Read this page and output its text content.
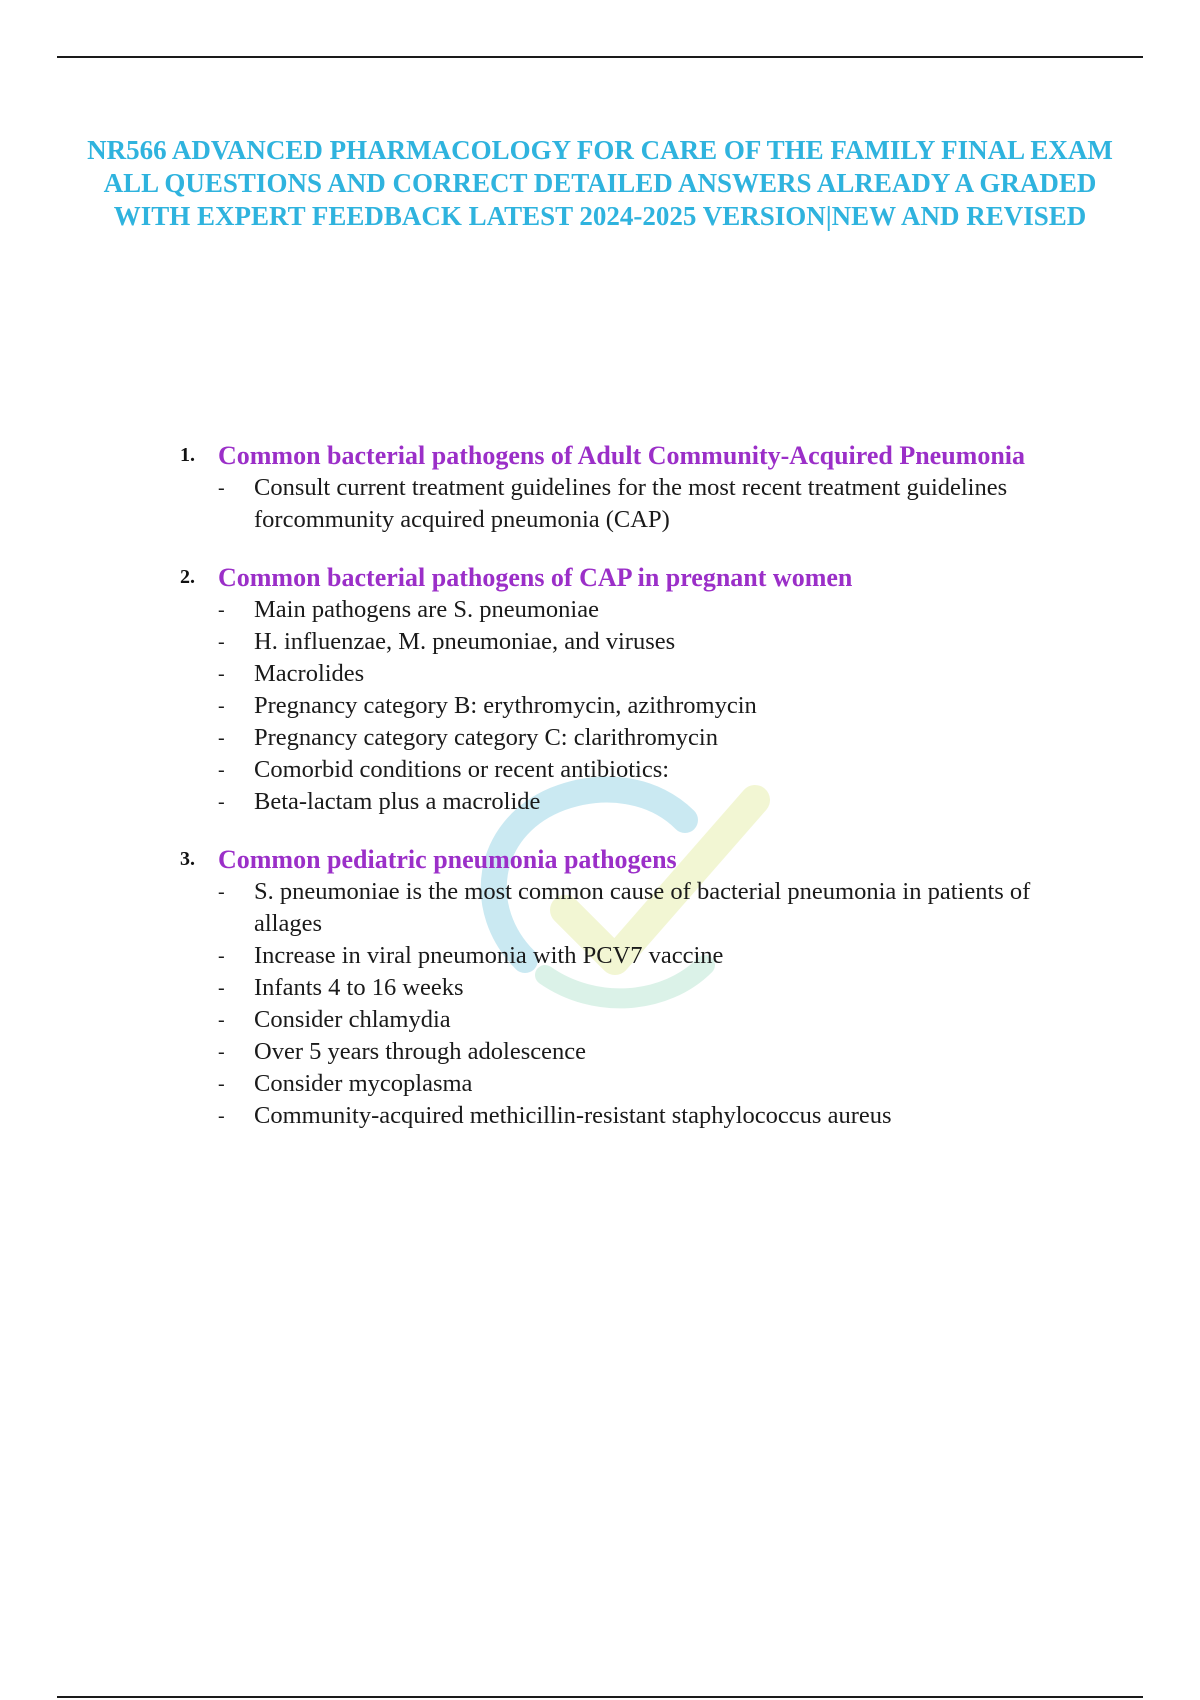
NR566 ADVANCED PHARMACOLOGY FOR CARE OF THE FAMILY FINAL EXAM ALL QUESTIONS AND CORRECT DETAILED ANSWERS ALREADY A GRADED WITH EXPERT FEEDBACK LATEST 2024-2025 VERSION|NEW AND REVISED
1. Common bacterial pathogens of Adult Community-Acquired Pneumonia
- Consult current treatment guidelines for the most recent treatment guidelines forcommunity acquired pneumonia (CAP)
2. Common bacterial pathogens of CAP in pregnant women
- Main pathogens are S. pneumoniae
- H. influenzae, M. pneumoniae, and viruses
- Macrolides
- Pregnancy category B: erythromycin, azithromycin
- Pregnancy category category C: clarithromycin
- Comorbid conditions or recent antibiotics:
- Beta-lactam plus a macrolide
3. Common pediatric pneumonia pathogens
- S. pneumoniae is the most common cause of bacterial pneumonia in patients of allages
- Increase in viral pneumonia with PCV7 vaccine
- Infants 4 to 16 weeks
- Consider chlamydia
- Over 5 years through adolescence
- Consider mycoplasma
- Community-acquired methicillin-resistant staphylococcus aureus
